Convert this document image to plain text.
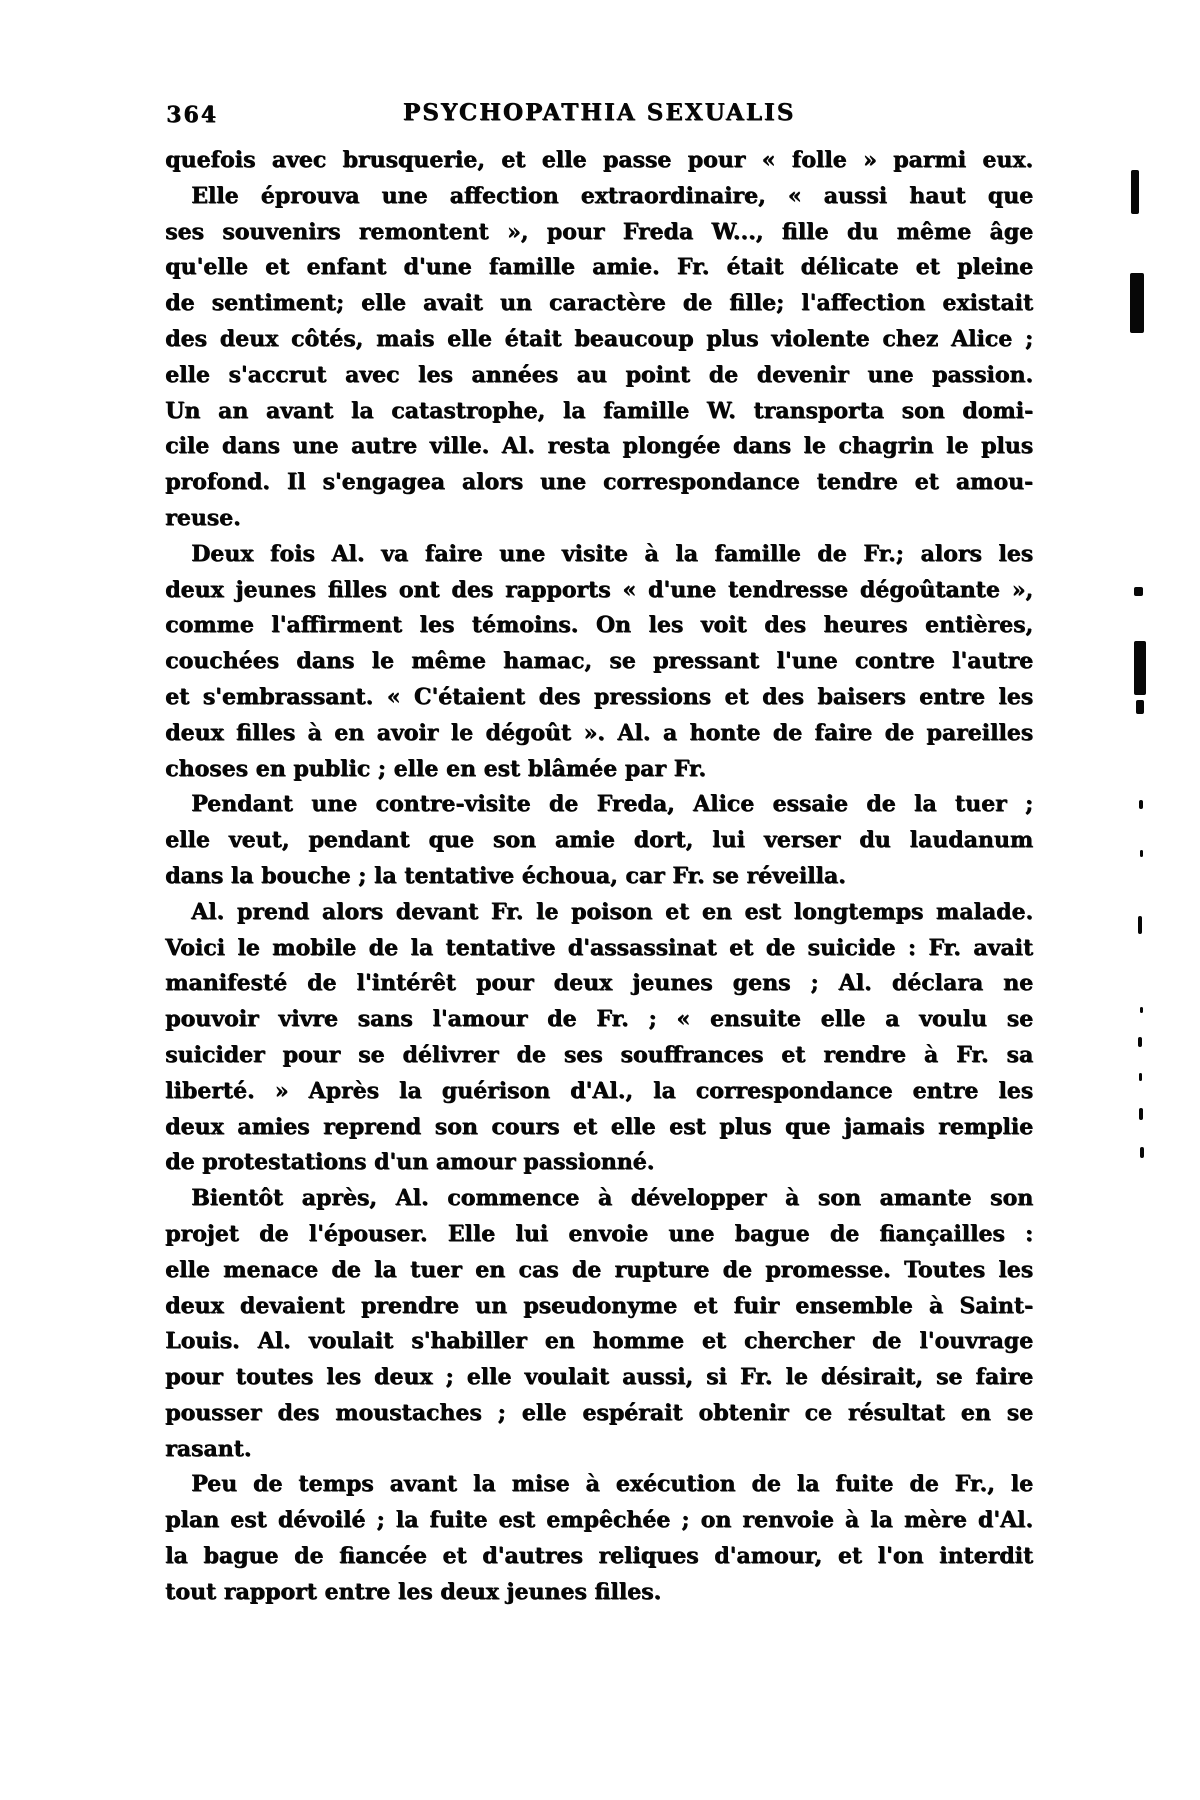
364	PSYCHOPATHIA SEXUALIS
quefois avec brusquerie, et elle passe pour « folle » parmi eux.
Elle éprouva une affection extraordinaire, « aussi haut que
ses souvenirs remontent », pour Freda W..., fille du même âge
qu'elle et enfant d'une famille amie. Fr. était délicate et pleine
de sentiment; elle avait un caractère de fille; l'affection existait
des deux côtés, mais elle était beaucoup plus violente chez Alice ;
elle s'accrut avec les années au point de devenir une passion.
Un an avant la catastrophe, la famille W. transporta son domi-
cile dans une autre ville. Al. resta plongée dans le chagrin le plus
profond. Il s'engagea alors une correspondance tendre et amou-
reuse.
Deux fois Al. va faire une visite à la famille de Fr.; alors les
deux jeunes filles ont des rapports « d'une tendresse dégoûtante »,
comme l'affirment les témoins. On les voit des heures entières,
couchées dans le même hamac, se pressant l'une contre l'autre
et s'embrassant. « C'étaient des pressions et des baisers entre les
deux filles à en avoir le dégoût ». Al. a honte de faire de pareilles
choses en public ; elle en est blâmée par Fr.
Pendant une contre-visite de Freda, Alice essaie de la tuer ;
elle veut, pendant que son amie dort, lui verser du laudanum
dans la bouche ; la tentative échoua, car Fr. se réveilla.
Al. prend alors devant Fr. le poison et en est longtemps malade.
Voici le mobile de la tentative d'assassinat et de suicide : Fr. avait
manifesté de l'intérêt pour deux jeunes gens ; Al. déclara ne
pouvoir vivre sans l'amour de Fr. ; « ensuite elle a voulu se
suicider pour se délivrer de ses souffrances et rendre à Fr. sa
liberté. » Après la guérison d'Al., la correspondance entre les
deux amies reprend son cours et elle est plus que jamais remplie
de protestations d'un amour passionné.
Bientôt après, Al. commence à développer à son amante son
projet de l'épouser. Elle lui envoie une bague de fiançailles :
elle menace de la tuer en cas de rupture de promesse. Toutes les
deux devaient prendre un pseudonyme et fuir ensemble à Saint-
Louis. Al. voulait s'habiller en homme et chercher de l'ouvrage
pour toutes les deux ; elle voulait aussi, si Fr. le désirait, se faire
pousser des moustaches ; elle espérait obtenir ce résultat en se
rasant.
Peu de temps avant la mise à exécution de la fuite de Fr., le
plan est dévoilé ; la fuite est empêchée ; on renvoie à la mère d'Al.
la bague de fiancée et d'autres reliques d'amour, et l'on interdit
tout rapport entre les deux jeunes filles.
